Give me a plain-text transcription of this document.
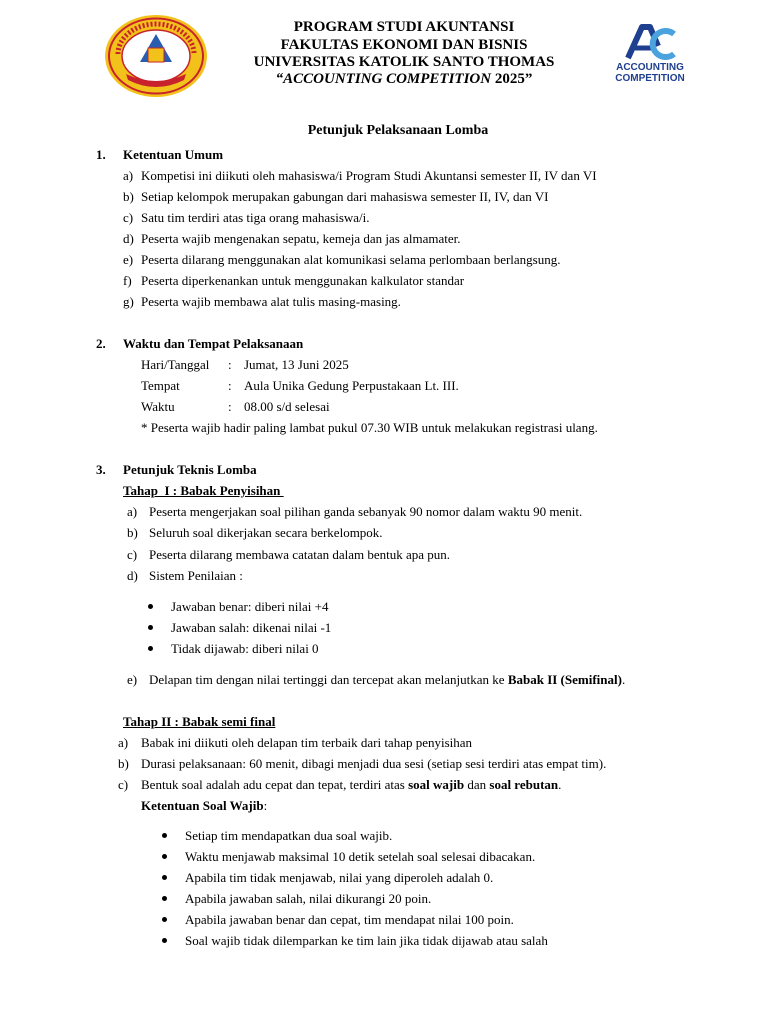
PROGRAM STUDI AKUNTANSI
FAKULTAS EKONOMI DAN BISNIS
UNIVERSITAS KATOLIK SANTO THOMAS
“ACCOUNTING COMPETITION 2025”
ACCOUNTING
COMPETITION
Petunjuk Pelaksanaan Lomba
1. Ketentuan Umum
a) Kompetisi ini diikuti oleh mahasiswa/i Program Studi Akuntansi semester II, IV dan VI
b) Setiap kelompok merupakan gabungan dari mahasiswa semester II, IV, dan VI
c) Satu tim terdiri atas tiga orang mahasiswa/i.
d) Peserta wajib mengenakan sepatu, kemeja dan jas almamater.
e) Peserta dilarang menggunakan alat komunikasi selama perlombaan berlangsung.
f) Peserta diperkenankan untuk menggunakan kalkulator standar
g) Peserta wajib membawa alat tulis masing-masing.
2. Waktu dan Tempat Pelaksanaan
Hari/Tanggal : Jumat, 13 Juni 2025
Tempat	: Aula Unika Gedung Perpustakaan Lt. III.
Waktu	: 08.00 s/d selesai
* Peserta wajib hadir paling lambat pukul 07.30 WIB untuk melakukan registrasi ulang.
3. Petunjuk Teknis Lomba
Tahap  I : Babak Penyisihan
a) Peserta mengerjakan soal pilihan ganda sebanyak 90 nomor dalam waktu 90 menit.
b) Seluruh soal dikerjakan secara berkelompok.
c) Peserta dilarang membawa catatan dalam bentuk apa pun.
d) Sistem Penilaian :
Jawaban benar: diberi nilai +4
Jawaban salah: dikenai nilai -1
Tidak dijawab: diberi nilai 0
e) Delapan tim dengan nilai tertinggi dan tercepat akan melanjutkan ke Babak II (Semifinal).
Tahap II : Babak semi final
a) Babak ini diikuti oleh delapan tim terbaik dari tahap penyisihan
b) Durasi pelaksanaan: 60 menit, dibagi menjadi dua sesi (setiap sesi terdiri atas empat tim).
c) Bentuk soal adalah adu cepat dan tepat, terdiri atas soal wajib dan soal rebutan.
Ketentuan Soal Wajib:
Setiap tim mendapatkan dua soal wajib.
Waktu menjawab maksimal 10 detik setelah soal selesai dibacakan.
Apabila tim tidak menjawab, nilai yang diperoleh adalah 0.
Apabila jawaban salah, nilai dikurangi 20 poin.
Apabila jawaban benar dan cepat, tim mendapat nilai 100 poin.
Soal wajib tidak dilemparkan ke tim lain jika tidak dijawab atau salah
